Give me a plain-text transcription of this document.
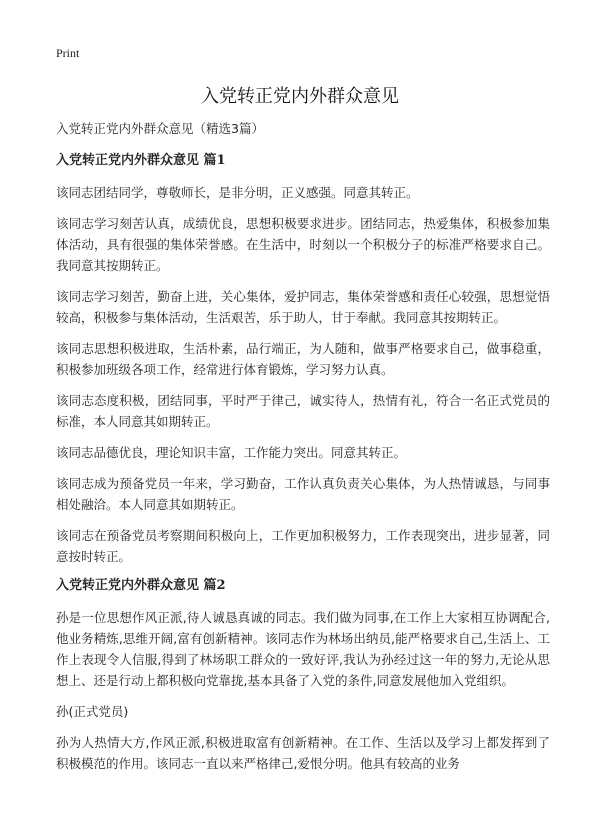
Print
入党转正党内外群众意见

入党转正党内外群众意见（精选3篇）

入党转正党内外群众意见 篇1

该同志团结同学，尊敬师长，是非分明，正义感强。同意其转正。

该同志学习刻苦认真，成绩优良，思想积极要求进步。团结同志，热爱集体，积极参加集体活动，具有很强的集体荣誉感。在生活中，时刻以一个积极分子的标准严格要求自己。我同意其按期转正。

该同志学习刻苦，勤奋上进，关心集体，爱护同志，集体荣誉感和责任心较强，思想觉悟较高，积极参与集体活动，生活艰苦，乐于助人，甘于奉献。我同意其按期转正。

该同志思想积极进取，生活朴素，品行端正，为人随和，做事严格要求自己，做事稳重，积极参加班级各项工作，经常进行体育锻炼，学习努力认真。

该同志态度积极，团结同事，平时严于律己，诚实待人，热情有礼，符合一名正式党员的标准，本人同意其如期转正。

该同志品德优良，理论知识丰富，工作能力突出。同意其转正。

该同志成为预备党员一年来，学习勤奋，工作认真负责关心集体，为人热情诚恳，与同事相处融洽。本人同意其如期转正。

该同志在预备党员考察期间积极向上，工作更加积极努力，工作表现突出，进步显著，同意按时转正。

入党转正党内外群众意见 篇2

孙是一位思想作风正派,待人诚恳真诚的同志。我们做为同事,在工作上大家相互协调配合,他业务精炼,思维开阔,富有创新精神。该同志作为林场出纳员,能严格要求自己,生活上、工作上表现令人信服,得到了林场职工群众的一致好评,我认为孙经过这一年的努力,无论从思想上、还是行动上都积极向党靠拢,基本具备了入党的条件,同意发展他加入党组织。

孙(正式党员)

孙为人热情大方,作风正派,积极进取富有创新精神。在工作、生活以及学习上都发挥到了积极模范的作用。该同志一直以来严格律己,爱恨分明。他具有较高的业务
